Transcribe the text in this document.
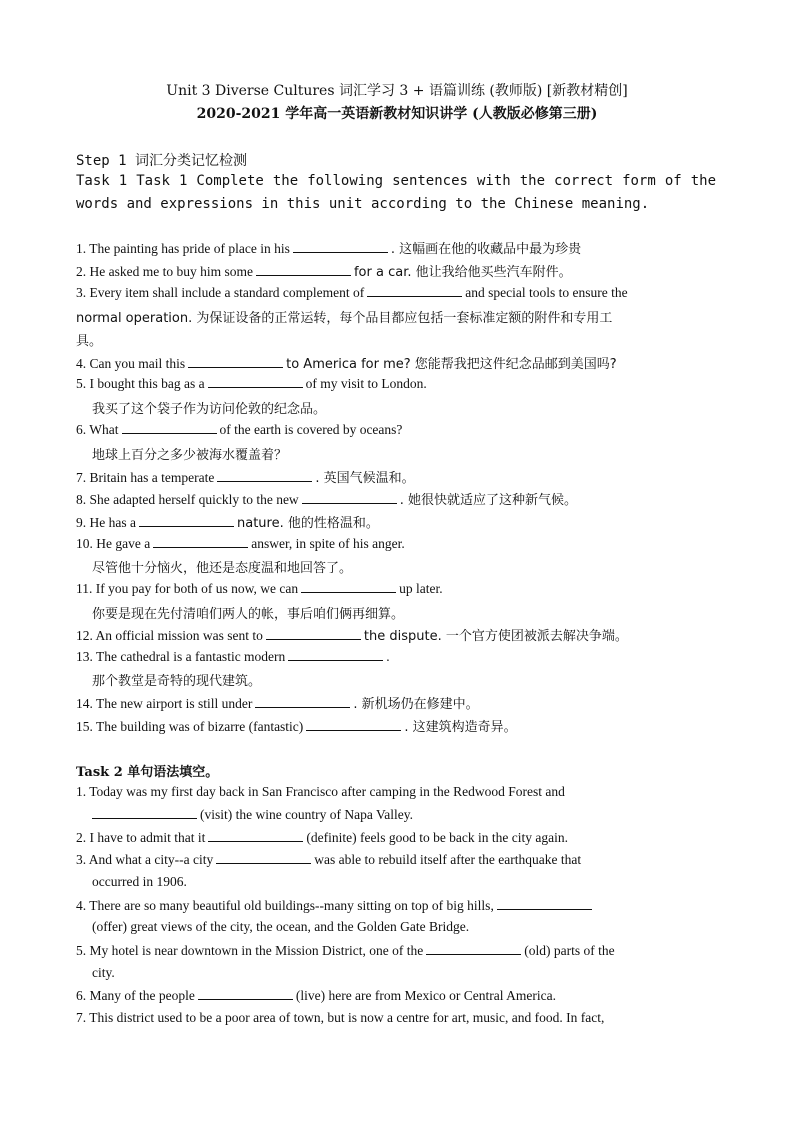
Unit 3 Diverse Cultures 词汇学习 3 + 语篇训练 (教师版) [新教材精创]
2020-2021 学年高一英语新教材知识讲学 (人教版必修第三册)
Step 1 词汇分类记忆检测
Task 1 Task 1 Complete the following sentences with the correct form of the words and expressions in this unit according to the Chinese meaning.
1. The painting has pride of place in his	. 这幅画在他的收藏品中最为珍贵
2. He asked me to buy him some	for a car. 他让我给他买些汽车附件。
3. Every item shall include a standard complement of	and special tools to ensure the
normal operation. 为保证设备的正常运转，每个品目都应包括一套标准定额的附件和专用工
具。
4. Can you mail this	to America for me? 您能帮我把这件纪念品邮到美国吗?
5. I bought this bag as a	of my visit to London.
我买了这个袋子作为访问伦敦的纪念品。
6. What	of the earth is covered by oceans?
地球上百分之多少被海水覆盖着？
7. Britain has a temperate	. 英国气候温和。
8. She adapted herself quickly to the new	. 她很快就适应了这种新气候。
9. He has a	nature. 他的性格温和。
10. He gave a	answer, in spite of his anger.
尽管他十分恼火，他还是态度温和地回答了。
11. If you pay for both of us now, we can	up later.
你要是现在先付清咱们两人的帐，事后咱们俩再细算。
12. An official mission was sent to	the dispute. 一个官方使团被派去解决争端。
13. The cathedral is a fantastic modern	.
那个教堂是奇特的现代建筑。
14. The new airport is still under	. 新机场仍在修建中。
15. The building was of bizarre (fantastic)	. 这建筑构造奇异。
Task 2 单句语法填空。
1. Today was my first day back in San Francisco after camping in the Redwood Forest and
(visit) the wine country of Napa Valley.
2. I have to admit that it	(definite) feels good to be back in the city again.
3. And what a city--a city	was able to rebuild itself after the earthquake that
occurred in 1906.
4. There are so many beautiful old buildings--many sitting on top of big hills,
(offer) great views of the city, the ocean, and the Golden Gate Bridge.
5. My hotel is near downtown in the Mission District, one of the	(old) parts of the
city.
6. Many of the people	(live) here are from Mexico or Central America.
7. This district used to be a poor area of town, but is now a centre for art, music, and food. In fact,
